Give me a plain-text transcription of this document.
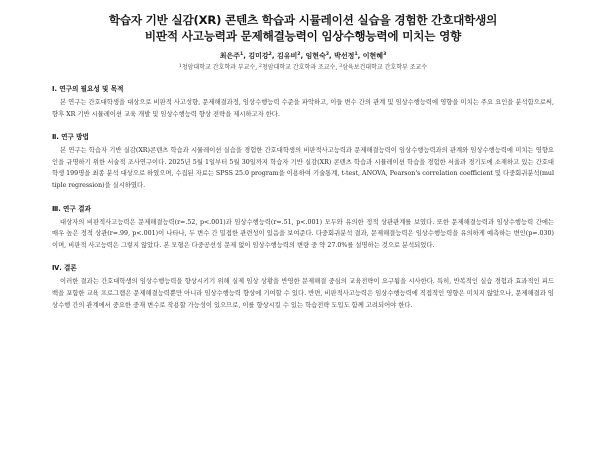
학습자 기반 실감(XR) 콘텐츠 학습과 시뮬레이션 실습을 경험한 간호대학생의
비판적 사고능력과 문제해결능력이 임상수행능력에 미치는 영향
최은주$^1$, 김미강$^2$, 김유비$^2$, 임현숙$^2$, 박선정$^1$, 이현혜$^3$
$^1$청암대학교 간호학과 부교수, $^2$청암대학교 간호학과 조교수, $^3$삼육보건대학교 간호학부 조교수
Ⅰ. 연구의 필요성 및 목적

본 연구는 간호대학생을 대상으로 비판적 사고성향, 문제해결과정, 임상수행능력 수준을 파악하고, 이들 변수 간의 관계 및 임상수행능력에 영향을 미치는 주요 요인을 분석함으로써, 향후 XR 기반 시뮬레이션 교육 개발 및 임상수행능력 향상 전략을 제시하고자 한다.

Ⅱ. 연구 방법

본 연구는 학습자 기반 실감(XR)콘텐츠 학습과 시뮬레이션 실습을 경험한 간호대학생의 비판적사고능력과 문제해결능력이 임상수행능력과의 관계와 임상수행능력에 미치는 영향요인을 규명하기 위한 서술적 조사연구이다. 2025년 5월 1일부터 5월 30일까지 학습자 기반 실감(XR) 콘텐츠 학습과 시뮬레이션 학습을 경험한 서울과 경기도에 소재하고 있는 간호대학생 199명을 최종 분석 대상으로 하였으며, 수집된 자료는 SPSS 25.0 program을 이용하여 기술통계, t-test, ANOVA, Pearson's correlation coefficient 및 다중회귀분석(multiple regression)을 실시하였다.

Ⅲ. 연구 결과

대상자의 비판적사고능력은 문제해결능력(r=.52, p<.001)과 임상수행능력(r=.51, p<.001) 모두와 유의한 정적 상관관계를 보였다. 또한 문제해결능력과 임상수행능력 간에는 매우 높은 정적 상관(r=.99, p<.001)이 나타나, 두 변수 간 밀접한 관련성이 있음을 보여준다. 다중회귀분석 결과, 문제해결능력은 임상수행능력을 유의하게 예측하는 변인(p=.030)이며, 비판적 사고능력은 그렇지 않았다. 본 모형은 다중공선성 문제 없이 임상수행능력의 변량 중 약 27.0%를 설명하는 것으로 분석되었다.

Ⅳ. 결론

이러한 결과는 간호대학생의 임상수행능력을 향상시키기 위해 실제 임상 상황을 반영한 문제해결 중심의 교육전략이 요구됨을 시사한다. 특히, 반복적인 실습 경험과 효과적인 피드백을 포함한 교육 프로그램은 문제해결능력뿐만 아니라 임상수행능력 향상에 기여할 수 있다. 반면, 비판적사고능력은 임상수행능력에 직접적인 영향은 미치지 않았으나, 문제해결과 임상수행 간의 관계에서 중요한 중재 변수로 작용할 가능성이 있으므로, 이를 향상시킬 수 있는 학습전략 도입도 함께 고려되어야 한다.
